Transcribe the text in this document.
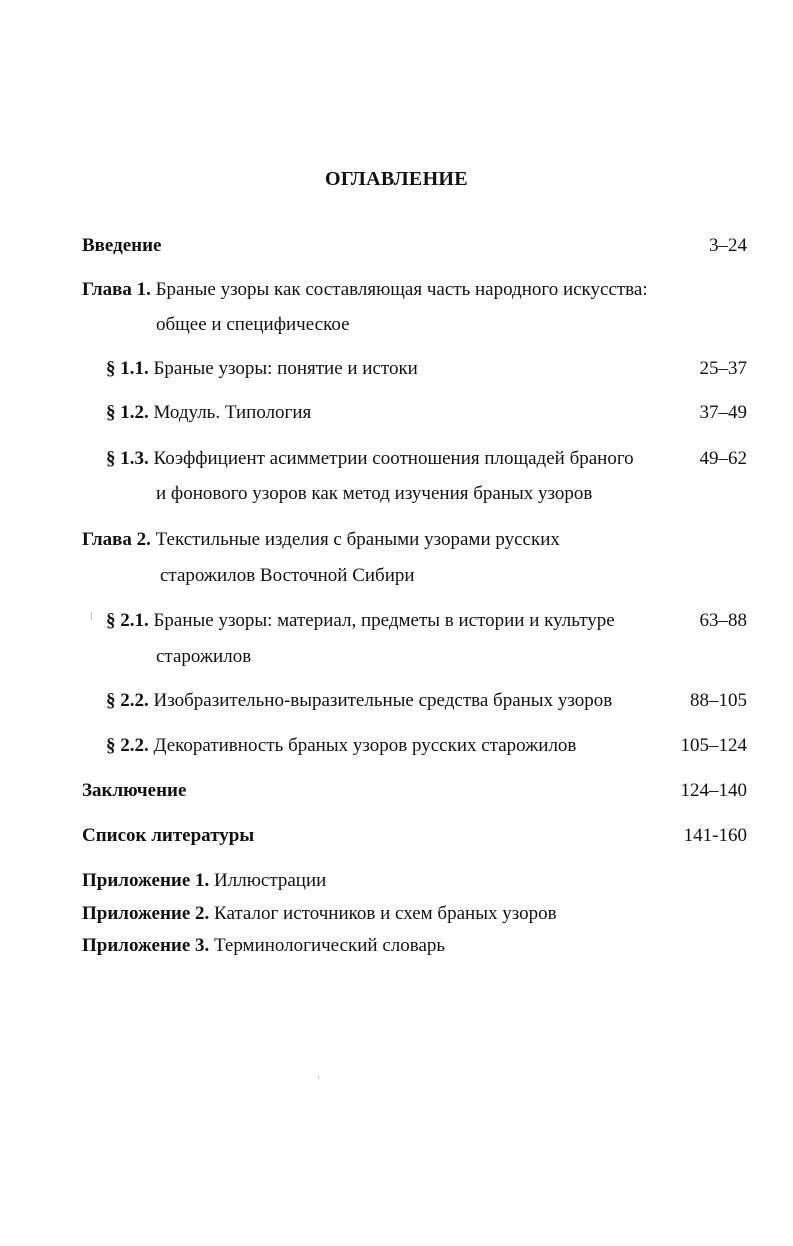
ОГЛАВЛЕНИЕ
Введение	3–24
Глава 1. Браные узоры как составляющая часть народного искусства:
общее и специфическое
§ 1.1. Браные узоры: понятие и истоки	25–37
§ 1.2. Модуль. Типология	37–49
§ 1.3. Коэффициент асимметрии соотношения площадей браного	49–62
и фонового узоров как метод изучения браных узоров
Глава 2. Текстильные изделия с браными узорами русских
старожилов Восточной Сибири
§ 2.1. Браные узоры: материал, предметы в истории и культуре	63–88
старожилов
§ 2.2. Изобразительно-выразительные средства браных узоров	88–105
§ 2.2. Декоративность браных узоров русских старожилов	105–124
Заключение	124–140
Список литературы	141-160
Приложение 1. Иллюстрации
Приложение 2. Каталог источников и схем браных узоров
Приложение 3. Терминологический словарь
